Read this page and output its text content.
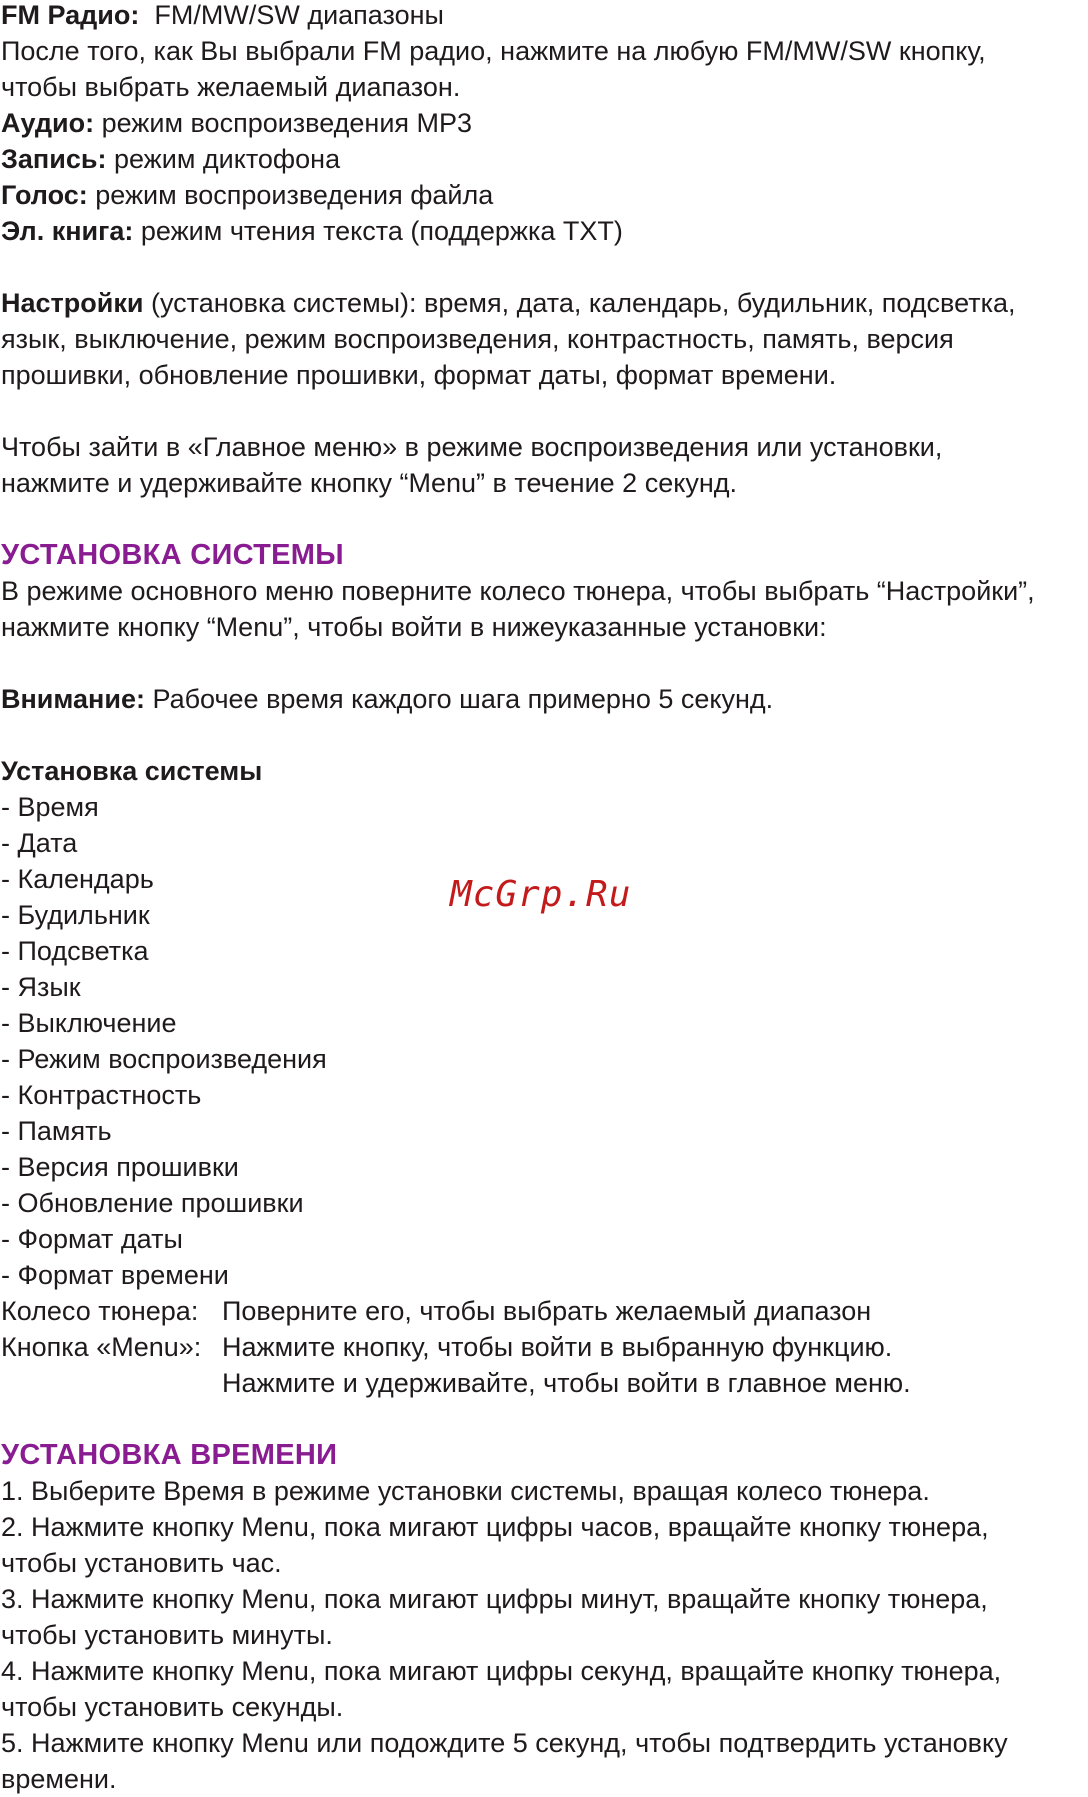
FM Радио:  FM/MW/SW диапазоны
После того, как Вы выбрали FM радио, нажмите на любую FM/MW/SW кнопку,
чтобы выбрать желаемый диапазон.
Аудио: режим воспроизведения MP3
Запись: режим диктофона
Голос: режим воспроизведения файла
Эл. книга: режим чтения текста (поддержка TXT)
Настройки (установка системы): время, дата, календарь, будильник, подсветка,
язык, выключение, режим воспроизведения, контрастность, память, версия
прошивки, обновление прошивки, формат даты, формат времени.
Чтобы зайти в «Главное меню» в режиме воспроизведения или установки,
нажмите и удерживайте кнопку “Menu” в течение 2 секунд.
УСТАНОВКА СИСТЕМЫ
В режиме основного меню поверните колесо тюнера, чтобы выбрать “Настройки”,
нажмите кнопку “Menu”, чтобы войти в нижеуказанные установки:
Внимание: Рабочее время каждого шага примерно 5 секунд.
Установка системы
- Время
- Дата
- Календарь
- Будильник
- Подсветка
- Язык
- Выключение
- Режим воспроизведения
- Контрастность
- Память
- Версия прошивки
- Обновление прошивки
- Формат даты
- Формат времени
Колесо тюнера: Поверните его, чтобы выбрать желаемый диапазон
Кнопка «Menu»: Нажмите кнопку, чтобы войти в выбранную функцию.
Нажмите и удерживайте, чтобы войти в главное меню.
УСТАНОВКА ВРЕМЕНИ
1. Выберите Время в режиме установки системы, вращая колесо тюнера.
2. Нажмите кнопку Menu, пока мигают цифры часов, вращайте кнопку тюнера,
чтобы установить час.
3. Нажмите кнопку Menu, пока мигают цифры минут, вращайте кнопку тюнера,
чтобы установить минуты.
4. Нажмите кнопку Menu, пока мигают цифры секунд, вращайте кнопку тюнера,
чтобы установить секунды.
5. Нажмите кнопку Menu или подождите 5 секунд, чтобы подтвердить установку
времени.
McGrp.Ru
